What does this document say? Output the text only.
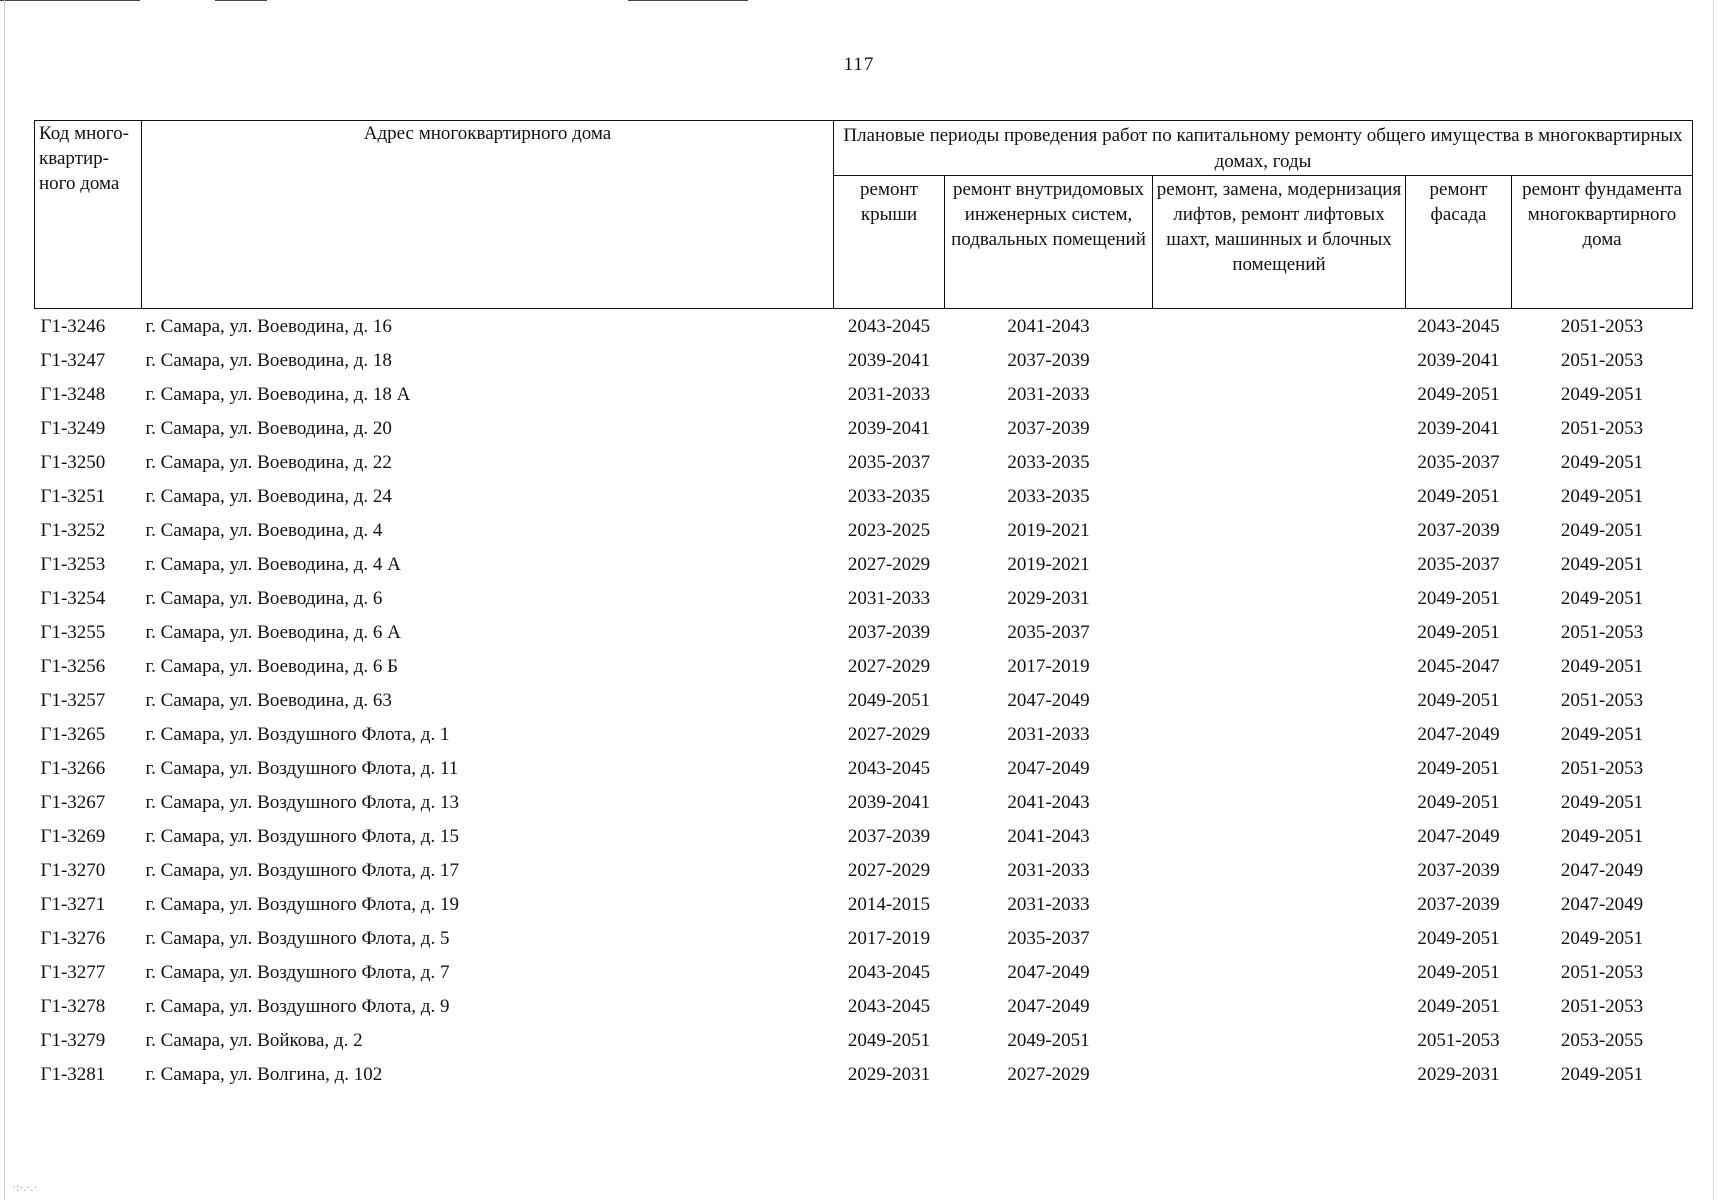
117
Код много-квартир-ного дома	Адрес многоквартирного дома	Плановые периоды проведения работ по капитальному ремонту общего имущества в многоквартирных домах, годы				
		ремонт крыши	ремонт внутридомовых инженерных систем, подвальных помещений	ремонт, замена, модернизация лифтов, ремонт лифтовых шахт, машинных и блочных помещений	ремонт фасада	ремонт фундамента многоквартирного дома
Г1-3246	г. Самара, ул. Воеводина, д. 16	2043-2045	2041-2043		2043-2045	2051-2053
Г1-3247	г. Самара, ул. Воеводина, д. 18	2039-2041	2037-2039		2039-2041	2051-2053
Г1-3248	г. Самара, ул. Воеводина, д. 18 А	2031-2033	2031-2033		2049-2051	2049-2051
Г1-3249	г. Самара, ул. Воеводина, д. 20	2039-2041	2037-2039		2039-2041	2051-2053
Г1-3250	г. Самара, ул. Воеводина, д. 22	2035-2037	2033-2035		2035-2037	2049-2051
Г1-3251	г. Самара, ул. Воеводина, д. 24	2033-2035	2033-2035		2049-2051	2049-2051
Г1-3252	г. Самара, ул. Воеводина, д. 4	2023-2025	2019-2021		2037-2039	2049-2051
Г1-3253	г. Самара, ул. Воеводина, д. 4 А	2027-2029	2019-2021		2035-2037	2049-2051
Г1-3254	г. Самара, ул. Воеводина, д. 6	2031-2033	2029-2031		2049-2051	2049-2051
Г1-3255	г. Самара, ул. Воеводина, д. 6 А	2037-2039	2035-2037		2049-2051	2051-2053
Г1-3256	г. Самара, ул. Воеводина, д. 6 Б	2027-2029	2017-2019		2045-2047	2049-2051
Г1-3257	г. Самара, ул. Воеводина, д. 63	2049-2051	2047-2049		2049-2051	2051-2053
Г1-3265	г. Самара, ул. Воздушного Флота, д. 1	2027-2029	2031-2033		2047-2049	2049-2051
Г1-3266	г. Самара, ул. Воздушного Флота, д. 11	2043-2045	2047-2049		2049-2051	2051-2053
Г1-3267	г. Самара, ул. Воздушного Флота, д. 13	2039-2041	2041-2043		2049-2051	2049-2051
Г1-3269	г. Самара, ул. Воздушного Флота, д. 15	2037-2039	2041-2043		2047-2049	2049-2051
Г1-3270	г. Самара, ул. Воздушного Флота, д. 17	2027-2029	2031-2033		2037-2039	2047-2049
Г1-3271	г. Самара, ул. Воздушного Флота, д. 19	2014-2015	2031-2033		2037-2039	2047-2049
Г1-3276	г. Самара, ул. Воздушного Флота, д. 5	2017-2019	2035-2037		2049-2051	2049-2051
Г1-3277	г. Самара, ул. Воздушного Флота, д. 7	2043-2045	2047-2049		2049-2051	2051-2053
Г1-3278	г. Самара, ул. Воздушного Флота, д. 9	2043-2045	2047-2049		2049-2051	2051-2053
Г1-3279	г. Самара, ул. Войкова, д. 2	2049-2051	2049-2051		2051-2053	2053-2055
Г1-3281	г. Самара, ул. Волгина, д. 102	2029-2031	2027-2029		2029-2031	2049-2051
·:·.·.·
